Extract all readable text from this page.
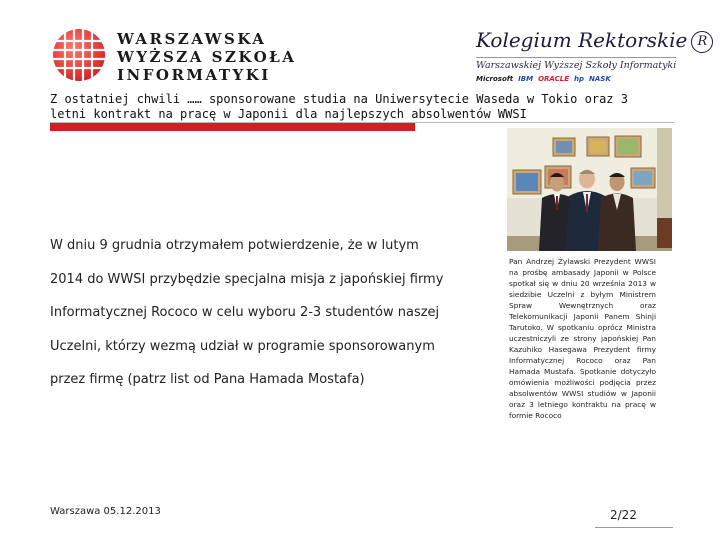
WARSZAWSKA
WYŻSZA SZKOŁA
INFORMATYKI
Kolegium Rektorskie R
Warszawskiej Wyższej Szkoły Informatyki
Microsoft IBM ORACLE hp NASK
Z ostatniej chwili …… sponsorowane studia na Uniwersytecie Waseda w Tokio oraz 3 letni kontrakt na pracę w Japonii dla najlepszych absolwentów WWSI
W dniu 9 grudnia otrzymałem potwierdzenie, że w lutym
2014 do WWSI przybędzie specjalna misja z japońskiej firmy
Informatycznej Rococo w celu wyboru 2-3 studentów naszej
Uczelni, którzy wezmą udział w programie sponsorowanym
przez firmę (patrz list od Pana Hamada Mostafa)
Pan Andrzej Żylawski Prezydent WWSI na prośbę ambasady Japonii w Polsce spotkał się w dniu 20 września 2013 w siedzibie Uczelni z byłym Ministrem Spraw Wewnętrznych oraz Telekomunikacji Japonii Panem Shinji Tarutoko. W spotkaniu oprócz Ministra uczestniczyli ze strony japońskiej Pan Kazuhiko Hasegawa Prezydent firmy Informatycznej Rococo oraz Pan Hamada Mustafa. Spotkanie dotyczyło omówienia możliwości podjęcia przez absolwentów WWSI studiów w Japonii oraz 3 letniego kontraktu na pracę w formie Rococo
Warszawa 05.12.2013	2/22
